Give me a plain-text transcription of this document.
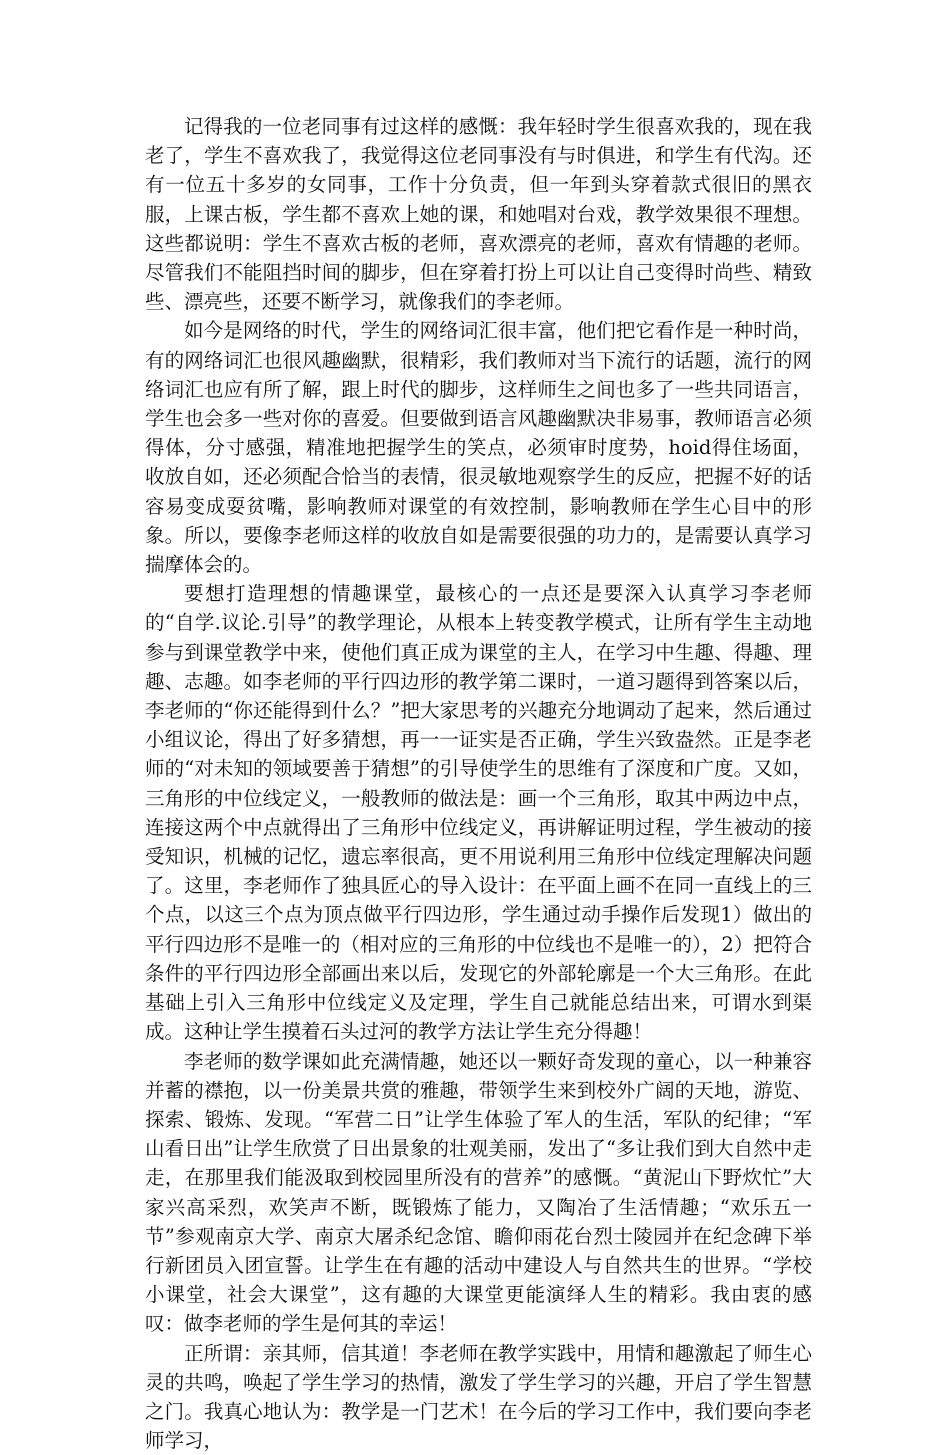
记得我的一位老同事有过这样的感慨：我年轻时学生很喜欢我的，现在我老了，学生不喜欢我了，我觉得这位老同事没有与时俱进，和学生有代沟。还有一位五十多岁的女同事，工作十分负责，但一年到头穿着款式很旧的黑衣服，上课古板，学生都不喜欢上她的课，和她唱对台戏，教学效果很不理想。这些都说明：学生不喜欢古板的老师，喜欢漂亮的老师，喜欢有情趣的老师。尽管我们不能阻挡时间的脚步，但在穿着打扮上可以让自己变得时尚些、精致些、漂亮些，还要不断学习，就像我们的李老师。

如今是网络的时代，学生的网络词汇很丰富，他们把它看作是一种时尚，有的网络词汇也很风趣幽默，很精彩，我们教师对当下流行的话题，流行的网络词汇也应有所了解，跟上时代的脚步，这样师生之间也多了一些共同语言，学生也会多一些对你的喜爱。但要做到语言风趣幽默决非易事，教师语言必须得体，分寸感强，精准地把握学生的笑点，必须审时度势，hoid得住场面，收放自如，还必须配合恰当的表情，很灵敏地观察学生的反应，把握不好的话容易变成耍贫嘴，影响教师对课堂的有效控制，影响教师在学生心目中的形象。所以，要像李老师这样的收放自如是需要很强的功力的，是需要认真学习揣摩体会的。

要想打造理想的情趣课堂，最核心的一点还是要深入认真学习李老师的“自学.议论.引导”的教学理论，从根本上转变教学模式，让所有学生主动地参与到课堂教学中来，使他们真正成为课堂的主人，在学习中生趣、得趣、理趣、志趣。如李老师的平行四边形的教学第二课时，一道习题得到答案以后，李老师的“你还能得到什么？”把大家思考的兴趣充分地调动了起来，然后通过小组议论，得出了好多猜想，再一一证实是否正确，学生兴致盎然。正是李老师的“对未知的领域要善于猜想”的引导使学生的思维有了深度和广度。又如，三角形的中位线定义，一般教师的做法是：画一个三角形，取其中两边中点，连接这两个中点就得出了三角形中位线定义，再讲解证明过程，学生被动的接受知识，机械的记忆，遗忘率很高，更不用说利用三角形中位线定理解决问题了。这里，李老师作了独具匠心的导入设计：在平面上画不在同一直线上的三个点，以这三个点为顶点做平行四边形，学生通过动手操作后发现1）做出的平行四边形不是唯一的（相对应的三角形的中位线也不是唯一的），2）把符合条件的平行四边形全部画出来以后，发现它的外部轮廓是一个大三角形。在此基础上引入三角形中位线定义及定理，学生自己就能总结出来，可谓水到渠成。这种让学生摸着石头过河的教学方法让学生充分得趣！

李老师的数学课如此充满情趣，她还以一颗好奇发现的童心，以一种兼容并蓄的襟抱，以一份美景共赏的雅趣，带领学生来到校外广阔的天地，游览、探索、锻炼、发现。“军营二日”让学生体验了军人的生活，军队的纪律；“军山看日出”让学生欣赏了日出景象的壮观美丽，发出了“多让我们到大自然中走走，在那里我们能汲取到校园里所没有的营养”的感慨。“黄泥山下野炊忙”大家兴高采烈，欢笑声不断，既锻炼了能力，又陶冶了生活情趣；“欢乐五一节”参观南京大学、南京大屠杀纪念馆、瞻仰雨花台烈士陵园并在纪念碑下举行新团员入团宣誓。让学生在有趣的活动中建设人与自然共生的世界。“学校小课堂，社会大课堂”，这有趣的大课堂更能演绎人生的精彩。我由衷的感叹：做李老师的学生是何其的幸运！

正所谓：亲其师，信其道！李老师在教学实践中，用情和趣激起了师生心灵的共鸣，唤起了学生学习的热情，激发了学生学习的兴趣，开启了学生智慧之门。我真心地认为：教学是一门艺术！在今后的学习工作中，我们要向李老师学习，
